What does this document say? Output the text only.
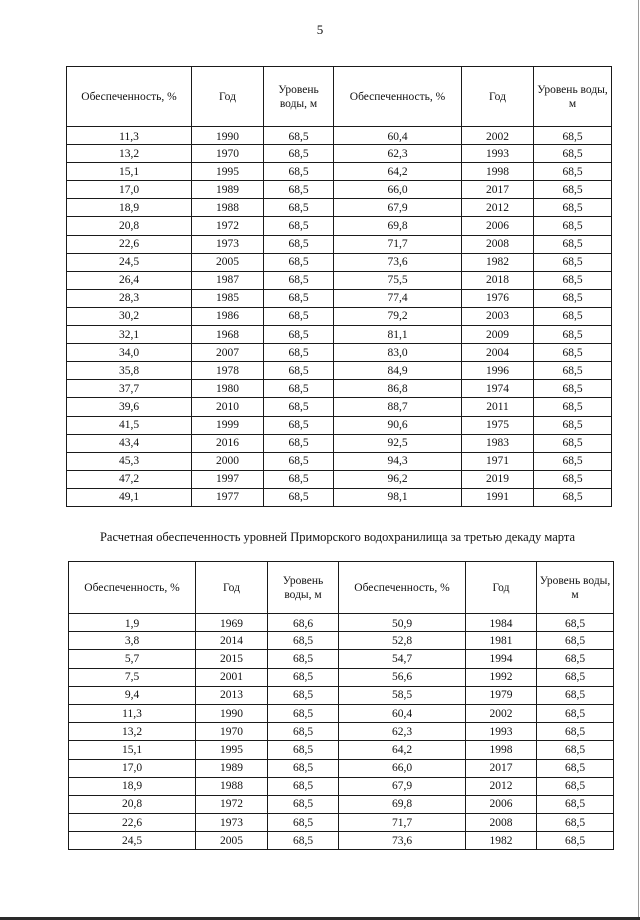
5
Обеспеченность, %	Год	Уровень воды, м	Обеспеченность, %	Год	Уровень воды, м
11,3	1990	68,5	60,4	2002	68,5
13,2	1970	68,5	62,3	1993	68,5
15,1	1995	68,5	64,2	1998	68,5
17,0	1989	68,5	66,0	2017	68,5
18,9	1988	68,5	67,9	2012	68,5
20,8	1972	68,5	69,8	2006	68,5
22,6	1973	68,5	71,7	2008	68,5
24,5	2005	68,5	73,6	1982	68,5
26,4	1987	68,5	75,5	2018	68,5
28,3	1985	68,5	77,4	1976	68,5
30,2	1986	68,5	79,2	2003	68,5
32,1	1968	68,5	81,1	2009	68,5
34,0	2007	68,5	83,0	2004	68,5
35,8	1978	68,5	84,9	1996	68,5
37,7	1980	68,5	86,8	1974	68,5
39,6	2010	68,5	88,7	2011	68,5
41,5	1999	68,5	90,6	1975	68,5
43,4	2016	68,5	92,5	1983	68,5
45,3	2000	68,5	94,3	1971	68,5
47,2	1997	68,5	96,2	2019	68,5
49,1	1977	68,5	98,1	1991	68,5
Расчетная обеспеченность уровней Приморского водохранилища за третью декаду марта
Обеспеченность, %	Год	Уровень воды, м	Обеспеченность, %	Год	Уровень воды, м
1,9	1969	68,6	50,9	1984	68,5
3,8	2014	68,5	52,8	1981	68,5
5,7	2015	68,5	54,7	1994	68,5
7,5	2001	68,5	56,6	1992	68,5
9,4	2013	68,5	58,5	1979	68,5
11,3	1990	68,5	60,4	2002	68,5
13,2	1970	68,5	62,3	1993	68,5
15,1	1995	68,5	64,2	1998	68,5
17,0	1989	68,5	66,0	2017	68,5
18,9	1988	68,5	67,9	2012	68,5
20,8	1972	68,5	69,8	2006	68,5
22,6	1973	68,5	71,7	2008	68,5
24,5	2005	68,5	73,6	1982	68,5
